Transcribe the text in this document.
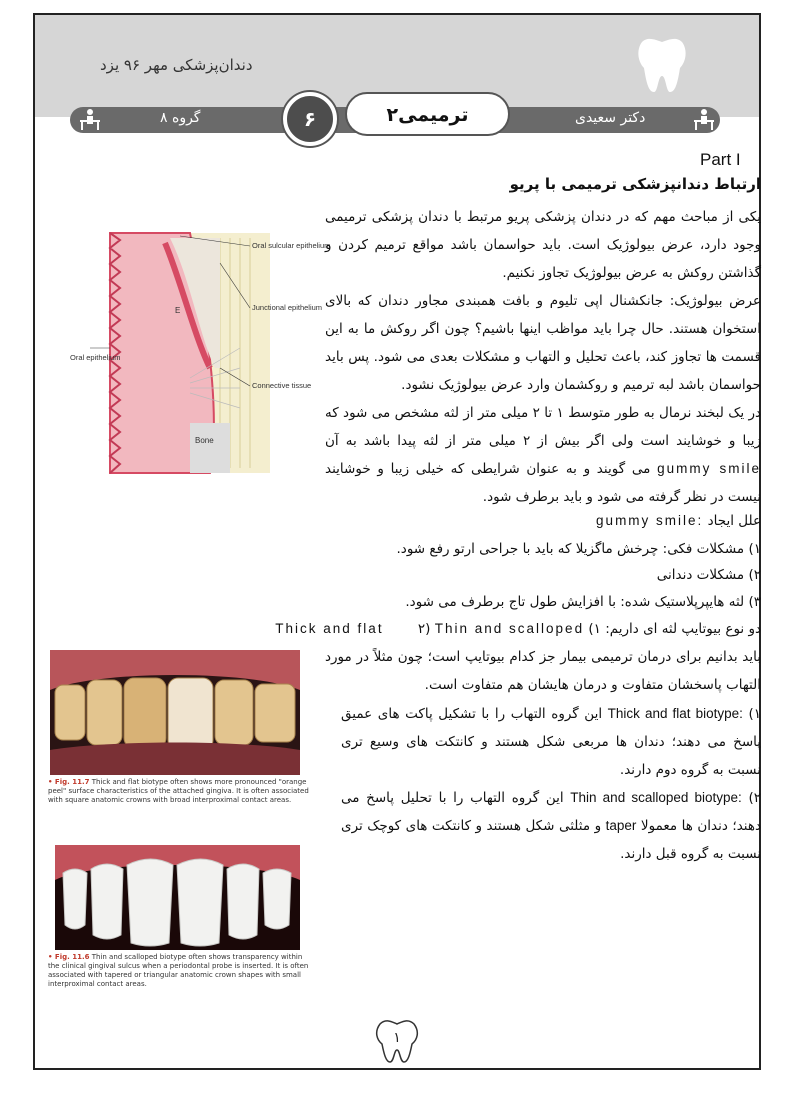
دندان‌پزشکی مهر ۹۶ یزد
گروه ۸	دکتر سعیدی
۶	ترمیمی۲
Part I
ارتباط دندانپزشکی ترمیمی با پریو
Bone
E
Oral sulcular epithelium
Junctional epithelium
Connective tissue
Oral epithelium
یکی از مباحث مهم که در دندان پزشکی پریو مرتبط با دندان پزشکی ترمیمی وجود دارد، عرض بیولوژیک است. باید حواسمان باشد مواقع ترمیم کردن و گذاشتن روکش به عرض بیولوژیک تجاوز نکنیم.
عرض بیولوژیک: جانکشنال اپی تلیوم و بافت همبندی مجاور دندان که بالای استخوان هستند. حال چرا باید مواظب اینها باشیم؟ چون اگر روکش ما به این قسمت ها تجاوز کند، باعث تحلیل و التهاب و مشکلات بعدی می شود. پس باید حواسمان باشد لبه ترمیم و روکشمان وارد عرض بیولوژیک نشود.
در یک لبخند نرمال به طور متوسط ۱ تا ۲ میلی متر از لثه مشخص می شود که زیبا و خوشایند است ولی اگر بیش از ۲ میلی متر از لثه پیدا باشد به آن gummy smile می گویند و به عنوان شرایطی که خیلی زیبا و خوشایند نیست در نظر گرفته می شود و باید برطرف شود.
علل ایجاد gummy smile:
۱) مشکلات فکی: چرخش ماگزیلا که باید با جراحی ارتو رفع شود.
۲) مشکلات دندانی
۳) لثه هایپرپلاستیک شده: با افزایش طول تاج برطرف می شود.
دو نوع بیوتایپ لثه ای داریم: ۱) Thick and flat	۲) Thin and scalloped
باید بدانیم برای درمان ترمیمی بیمار جز کدام بیوتایپ است؛ چون مثلاً در مورد التهاب پاسخشان متفاوت و درمان هایشان هم متفاوت است.
۱) Thick and flat biotype: این گروه التهاب را با تشکیل پاکت های عمیق پاسخ می دهند؛ دندان ها مربعی شکل هستند و کانتکت های وسیع تری نسبت به گروه دوم دارند.
۲) Thin and scalloped biotype: این گروه التهاب را با تحلیل پاسخ می دهند؛ دندان ها معمولا taper و مثلثی شکل هستند و کانتکت های کوچک تری نسبت به گروه قبل دارند.
• Fig. 11.7 Thick and flat biotype often shows more pronounced "orange peel" surface characteristics of the attached gingiva. It is often associated with square anatomic crowns with broad interproximal contact areas.
• Fig. 11.6 Thin and scalloped biotype often shows transparency within the clinical gingival sulcus when a periodontal probe is inserted. It is often associated with tapered or triangular anatomic crown shapes with small interproximal contact areas.
۱
